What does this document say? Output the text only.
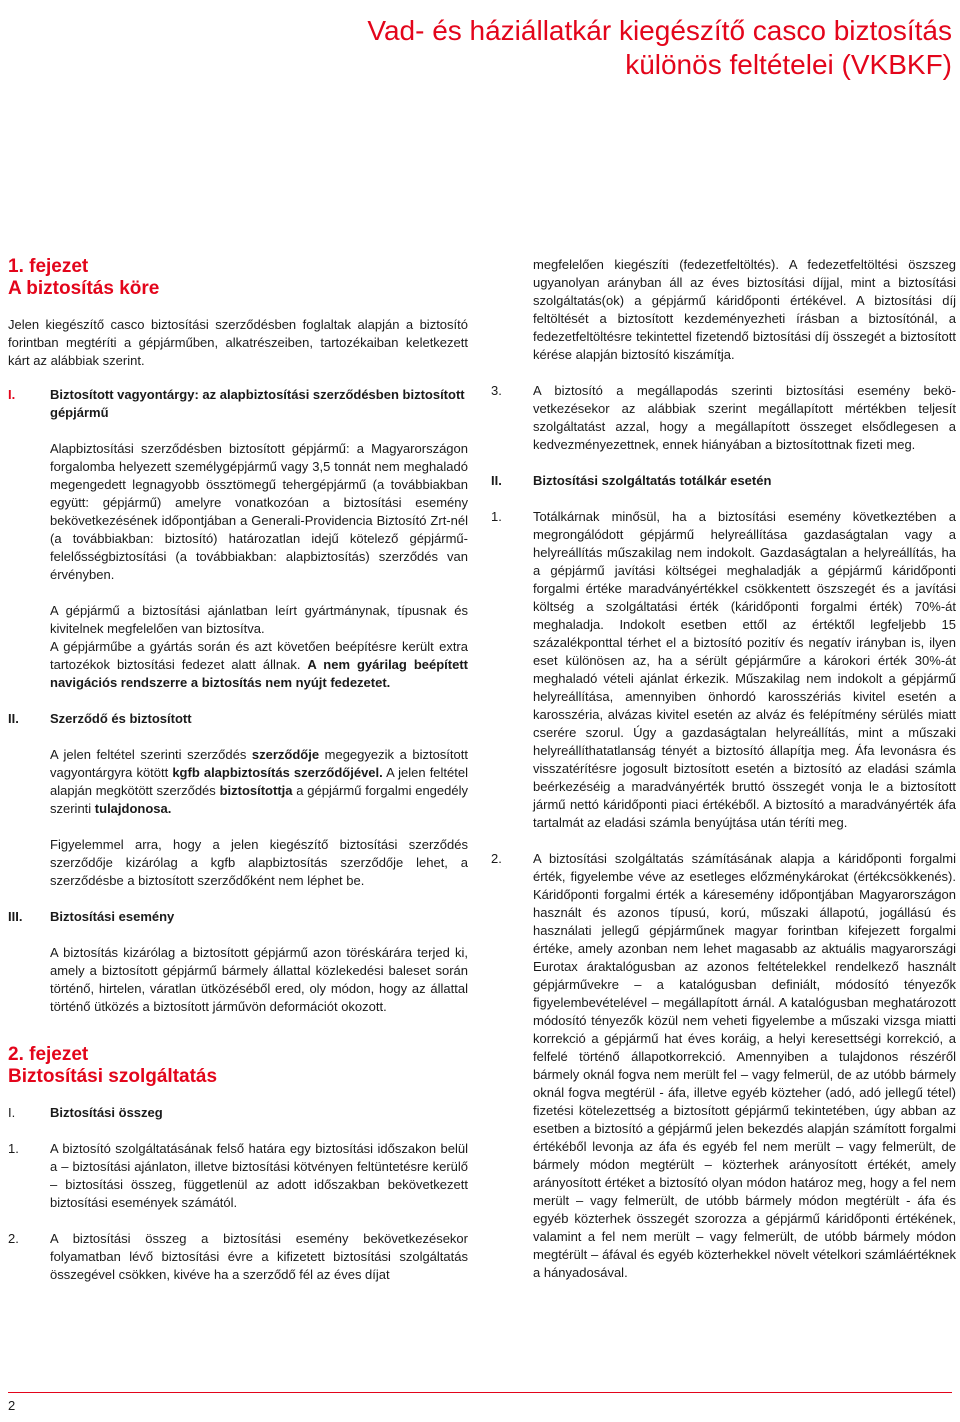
Vad- és háziállatkár kiegészítő casco biztosítás
különös feltételei (VKBKF)
1. fejezet
A biztosítás köre

Jelen kiegészítő casco biztosítási szerződésben foglaltak alapján a biztosító forintban megtéríti a gépjárműben, alkatrészeiben, tartozékaiban keletkezett kárt az alábbiak szerint.

I.	Biztosított vagyontárgy: az alapbiztosítási szerződésben biztosított gépjármű

Alapbiztosítási szerződésben biztosított gépjármű: a Magyarországon forgalomba helyezett személygépjármű vagy 3,5 tonnát nem meghaladó megengedett legnagyobb össztömegű tehergépjármű (a továbbiakban együtt: gépjármű) amelyre vonatkozóan a biztosítási esemény bekövetkezésének időpontjában a Generali-Providencia Biztosító Zrt-nél (a továbbiakban: biztosító) határozatlan idejű kötelező gépjármű-felelősségbiztosítási (a továbbiakban: alapbiztosítás) szerződés van érvényben.

A gépjármű a biztosítási ajánlatban leírt gyártmánynak, típusnak és kivitelnek megfelelően van biztosítva.

A gépjárműbe a gyártás során és azt követően beépítésre került extra tartozékok biztosítási fedezet alatt állnak. A nem gyárilag beépített navigációs rendszerre a biztosítás nem nyújt fedezetet.

II.	Szerződő és biztosított

A jelen feltétel szerinti szerződés szerződője megegyezik a biztosított vagyontárgyra kötött kgfb alapbiztosítás szerződőjével. A jelen feltétel alapján megkötött szerződés biztosítottja a gépjármű forgalmi engedély szerinti tulajdonosa.

Figyelemmel arra, hogy a jelen kiegészítő biztosítási szerződés szerződője kizárólag a kgfb alapbiztosítás szerződője lehet, a szerződésbe a biztosított szerződőként nem léphet be.

III.	Biztosítási esemény

A biztosítás kizárólag a biztosított gépjármű azon töréskárára terjed ki, amely a biztosított gépjármű bármely állattal közlekedési baleset során történő, hirtelen, váratlan ütközéséből ered, oly módon, hogy az állattal történő ütközés a biztosított járművön deformációt okozott.

2. fejezet
Biztosítási szolgáltatás
I.	Biztosítási összeg

1.	A biztosító szolgáltatásának felső határa egy biztosítási időszakon belül a – biztosítási ajánlaton, illetve biztosítási kötvényen feltüntetésre kerülő – biztosítási összeg, függetlenül az adott időszakban bekövetkezett biztosítási események számától.
2.	A biztosítási összeg a biztosítási esemény bekövetkezésekor folyamatban lévő biztosítási évre a kifizetett biztosítási szolgáltatás összegével csökken, kivéve ha a szerződő fél az éves díjat
megfelelően kiegészíti (fedezetfeltöltés). A fedezetfeltöltési öszszeg ugyanolyan arányban áll az éves biztosítási díjjal, mint a biztosítási szolgáltatás(ok) a gépjármű káridőponti értékével. A biztosítási díj feltöltését a biztosított kezdeményezheti írásban a biztosítónál, a fedezetfeltöltésre tekintettel fizetendő biztosítási díj összegét a biztosított kérése alapján biztosító kiszámítja.
3.	A biztosító a megállapodás szerinti biztosítási esemény bekövetkezésekor az alábbiak szerint megállapított mértékben teljesít szolgáltatást azzal, hogy a megállapított összeget elsődlegesen a kedvezményezettnek, ennek hiányában a biztosítottnak fizeti meg.
II.	Biztosítási szolgáltatás totálkár esetén

1.	Totálkárnak minősül, ha a biztosítási esemény következtében a megrongálódott gépjármű helyreállítása gazdaságtalan vagy a helyreállítás műszakilag nem indokolt. Gazdaságtalan a helyreállítás, ha a gépjármű javítási költségei meghaladják a gépjármű káridőponti forgalmi értéke maradványértékkel csökkentett öszszegét és a javítási költség a szolgáltatási érték (káridőponti forgalmi érték) 70%-át meghaladja. Indokolt esetben ettől az értéktől legfeljebb 15 százalékponttal térhet el a biztosító pozitív és negatív irányban is, ilyen eset különösen az, ha a sérült gépjárműre a károkori érték 30%-át meghaladó vételi ajánlat érkezik. Műszakilag nem indokolt a gépjármű helyreállítása, amennyiben önhordó karosszériás kivitel esetén a karosszéria, alvázas kivitel esetén az alváz és felépítmény sérülés miatt cserére szorul. Úgy a gazdaságtalan helyreállítás, mint a műszaki helyreállíthatatlanság tényét a biztosító állapítja meg. Áfa levonásra és visszatérítésre jogosult biztosított esetén a biztosító az eladási számla beérkezéséig a maradványérték bruttó összegét vonja le a biztosított jármű nettó káridőponti piaci értékéből. A biztosító a maradványérték áfa tartalmát az eladási számla benyújtása után téríti meg.
2.	A biztosítási szolgáltatás számításának alapja a káridőponti forgalmi érték, figyelembe véve az esetleges előzménykárokat (értékcsökkenés). Káridőponti forgalmi érték a káresemény időpontjában Magyarországon használt és azonos típusú, korú, műszaki állapotú, jogállású és használati jellegű gépjárműnek magyar forintban kifejezett forgalmi értéke, amely azonban nem lehet magasabb az aktuális magyarországi Eurotax áraktalógusban az azonos feltételekkel rendelkező használt gépjárművekre – a katalógusban definiált, módosító tényezők figyelembevételével – megállapított árnál. A katalógusban meghatározott módosító tényezők közül nem veheti figyelembe a műszaki vizsga miatti korrekció a gépjármű hat éves koráig, a helyi keresettségi korrekció, a felfelé történő állapotkorrekció. Amennyiben a tulajdonos részéről bármely oknál fogva nem merült fel – vagy felmerül, de az utóbb bármely oknál fogva megtérül - áfa, illetve egyéb közteher (adó, adó jellegű tétel) fizetési kötelezettség a biztosított gépjármű tekintetében, úgy abban az esetben a biztosító a gépjármű jelen bekezdés alapján számított forgalmi értékéből levonja az áfa és egyéb fel nem merült – vagy felmerült, de bármely módon megtérült – közterhek arányosított értékét, amely arányosított értéket a biztosító olyan módon határoz meg, hogy a fel nem merült – vagy felmerült, de utóbb bármely módon megtérült - áfa és egyéb közterhek összegét szorozza a gépjármű káridőponti értékének, valamint a fel nem merült – vagy felmerült, de utóbb bármely módon megtérült – áfával és egyéb közterhekkel növelt vételkori számláértéknek a hányadosával.
2
